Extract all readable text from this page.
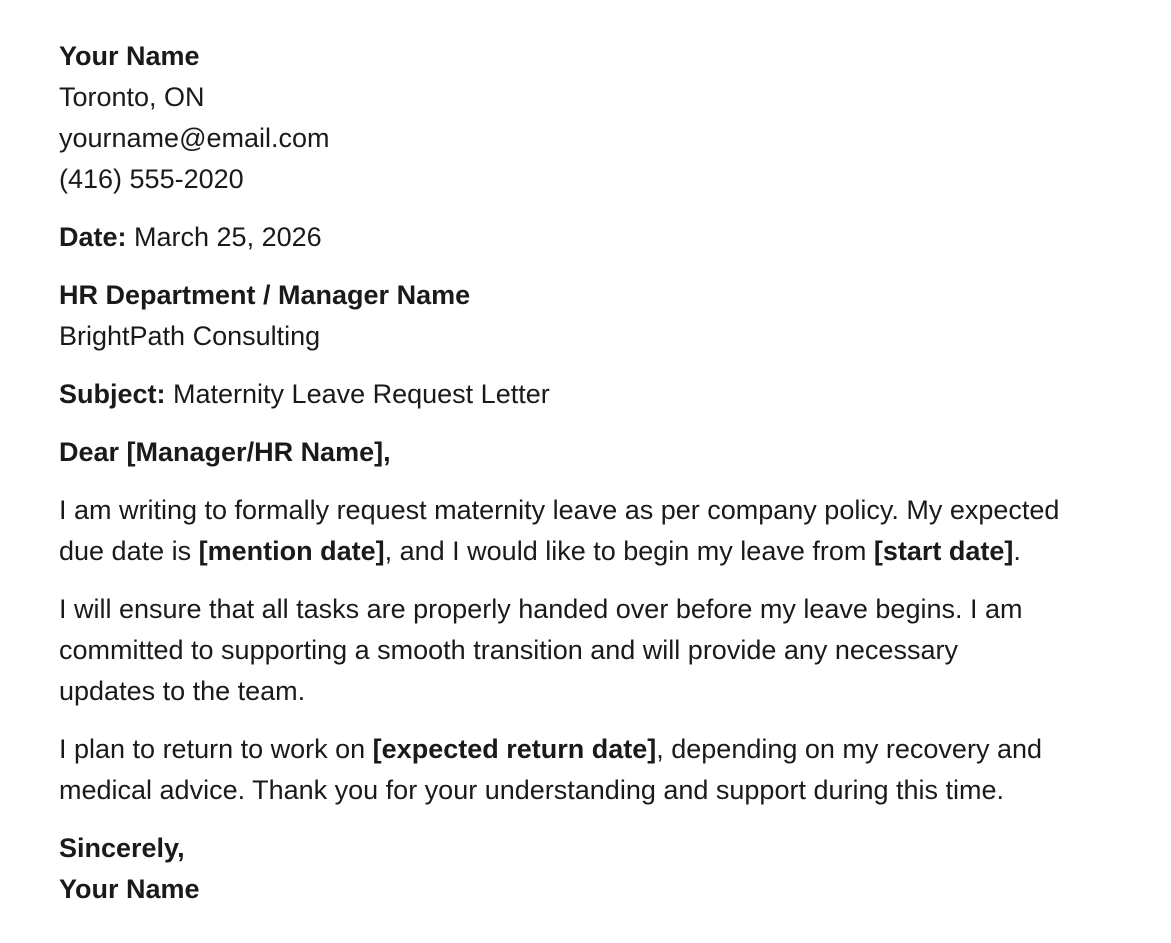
Your Name

Toronto, ON

yourname@email.com

(416) 555-2020

Date: March 25, 2026

HR Department / Manager Name

BrightPath Consulting

Subject: Maternity Leave Request Letter

Dear [Manager/HR Name],

I am writing to formally request maternity leave as per company policy. My expected due date is [mention date], and I would like to begin my leave from [start date].

I will ensure that all tasks are properly handed over before my leave begins. I am committed to supporting a smooth transition and will provide any necessary updates to the team.

I plan to return to work on [expected return date], depending on my recovery and medical advice. Thank you for your understanding and support during this time.

Sincerely,

Your Name
